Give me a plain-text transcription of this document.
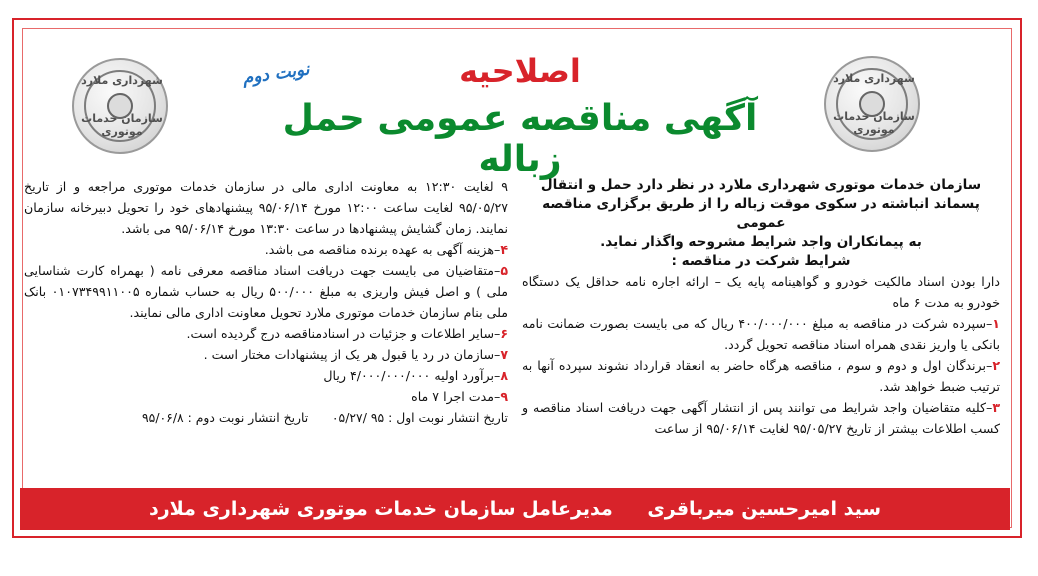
شهرداری ملارد
سازمان خدمات موتوری
شهرداری ملارد
سازمان خدمات موتوری
اصلاحیه
نوبت دوم
آگهی مناقصه عمومی حمل زباله

سازمان خدمات موتوری شهرداری ملارد در نظر دارد حمل و انتقال

پسماند انباشته در سکوی موقت زباله را از طریق برگزاری مناقصه عمومی

به پیمانکاران واجد شرایط مشروحه واگذار نماید.

شرایط شرکت در مناقصه :

دارا بودن اسناد مالکیت خودرو و گواهینامه پایه یک – ارائه اجاره نامه حداقل یک دستگاه خودرو به مدت ۶ ماه

۱–سپرده شرکت در مناقصه به مبلغ ۴۰۰/۰۰۰/۰۰۰ ریال که می بایست بصورت ضمانت نامه بانکی یا واریز نقدی همراه اسناد مناقصه تحویل گردد.

۲–برندگان اول و دوم و سوم ، مناقصه هرگاه حاضر به انعقاد قرارداد نشوند سپرده آنها به ترتیب ضبط خواهد شد.

۳–کلیه متقاضیان واجد شرایط می توانند پس از انتشار آگهی جهت دریافت اسناد مناقصه و کسب اطلاعات بیشتر از تاریخ ۹۵/۰۵/۲۷ لغایت ۹۵/۰۶/۱۴ از ساعت

۹ لغایت ۱۲:۳۰ به معاونت اداری مالی در سازمان خدمات موتوری مراجعه و از تاریخ ۹۵/۰۵/۲۷ لغایت ساعت ۱۲:۰۰ مورخ ۹۵/۰۶/۱۴ پیشنهادهای خود را تحویل دبیرخانه سازمان نمایند. زمان گشایش پیشنهادها در ساعت ۱۳:۳۰ مورخ ۹۵/۰۶/۱۴ می باشد.

۴–هزینه آگهی به عهده برنده مناقصه می باشد.

۵–متقاضیان می بایست جهت دریافت اسناد مناقصه معرفی نامه ( بهمراه کارت شناسایی ملی ) و اصل فیش واریزی به مبلغ ۵۰۰/۰۰۰ ریال به حساب شماره ۰۱۰۷۳۴۹۹۱۱۰۰۵ بانک ملی بنام سازمان خدمات موتوری ملارد تحویل معاونت اداری مالی نمایند.

۶–سایر اطلاعات و جزئیات در اسنادمناقصه درج گردیده است.

۷–سازمان در رد یا قبول هر یک از پیشنهادات مختار است .

۸–برآورد اولیه ۴/۰۰۰/۰۰۰/۰۰۰ ریال

۹–مدت اجرا ۷ ماه

تاریخ انتشار نوبت اول : ۹۵ /۰۵/۲۷      تاریخ انتشار نوبت دوم : ۹۵/۰۶/۸

سید امیرحسین میرباقری مدیرعامل سازمان خدمات موتوری شهرداری ملارد
